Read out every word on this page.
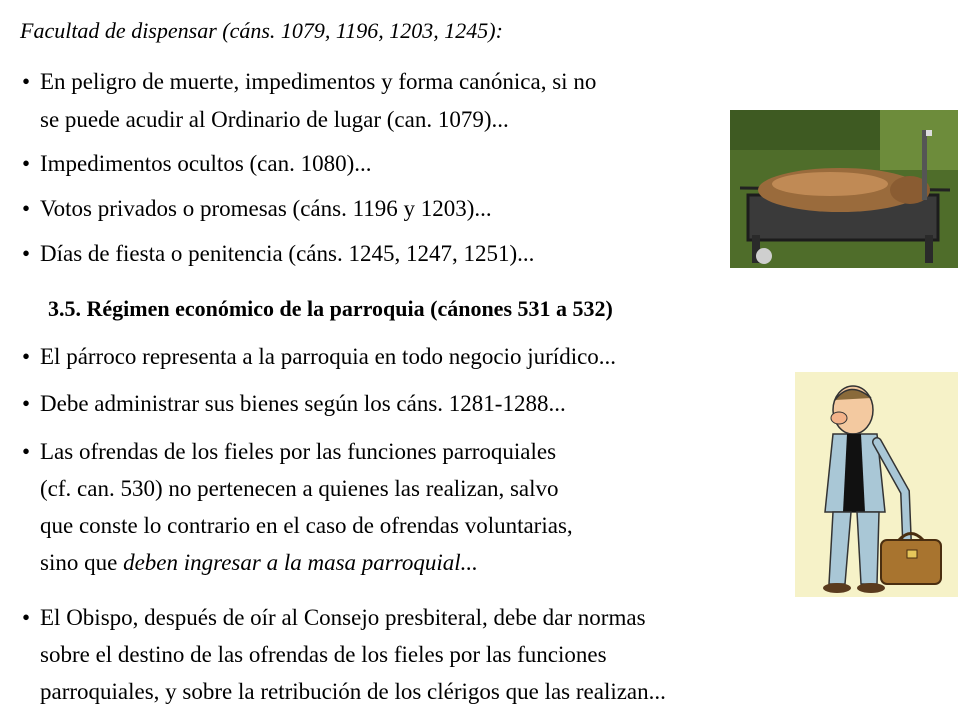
Facultad de dispensar (cáns. 1079, 1196, 1203, 1245):
• En peligro de muerte, impedimentos y forma canónica, si no
se puede acudir al Ordinario de lugar (can. 1079)...
• Impedimentos ocultos (can. 1080)...
• Votos privados o promesas (cáns. 1196 y 1203)...
• Días de fiesta o penitencia (cáns. 1245, 1247, 1251)...
3.5. Régimen económico de la parroquia (cánones 531 a 532)
• El párroco representa a la parroquia en todo negocio jurídico...
• Debe administrar sus bienes según los cáns. 1281-1288...
• Las ofrendas de los fieles por las funciones parroquiales
(cf. can. 530) no pertenecen a quienes las realizan, salvo
que conste lo contrario en el caso de ofrendas voluntarias,
sino que deben ingresar a la masa parroquial...
• El Obispo, después de oír al Consejo presbiteral, debe dar normas
sobre el destino de las ofrendas de los fieles por las funciones
parroquiales, y sobre la retribución de los clérigos que las realizan...
